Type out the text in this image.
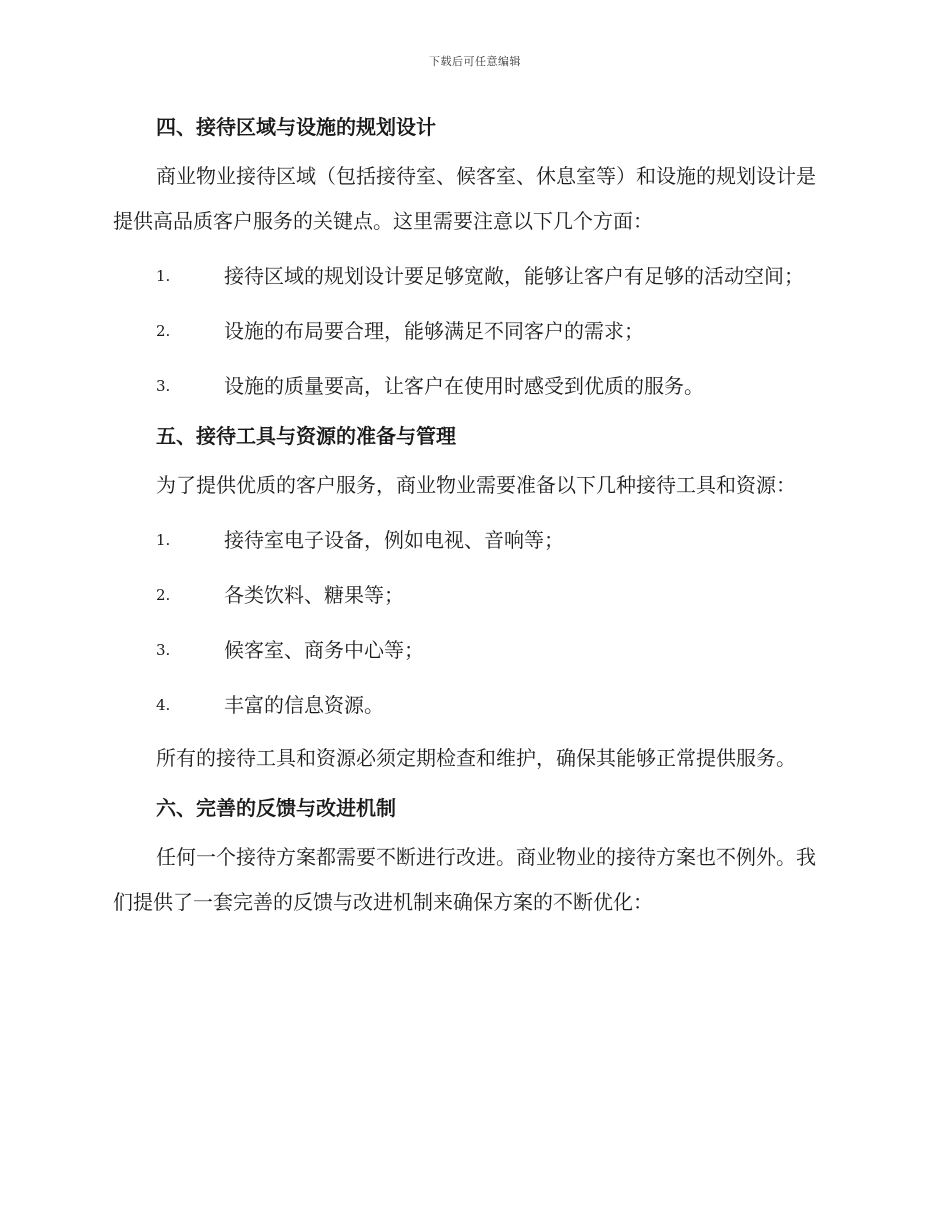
下载后可任意编辑
四、接待区域与设施的规划设计

商业物业接待区域（包括接待室、候客室、休息室等）和设施的规划设计是提供高品质客户服务的关键点。这里需要注意以下几个方面：

1.	接待区域的规划设计要足够宽敞，能够让客户有足够的活动空间；
2.	设施的布局要合理，能够满足不同客户的需求；
3.	设施的质量要高，让客户在使用时感受到优质的服务。
五、接待工具与资源的准备与管理

为了提供优质的客户服务，商业物业需要准备以下几种接待工具和资源：

1.	接待室电子设备，例如电视、音响等；
2.	各类饮料、糖果等；
3.	候客室、商务中心等；
4.	丰富的信息资源。

所有的接待工具和资源必须定期检查和维护，确保其能够正常提供服务。

六、完善的反馈与改进机制

任何一个接待方案都需要不断进行改进。商业物业的接待方案也不例外。我们提供了一套完善的反馈与改进机制来确保方案的不断优化：
